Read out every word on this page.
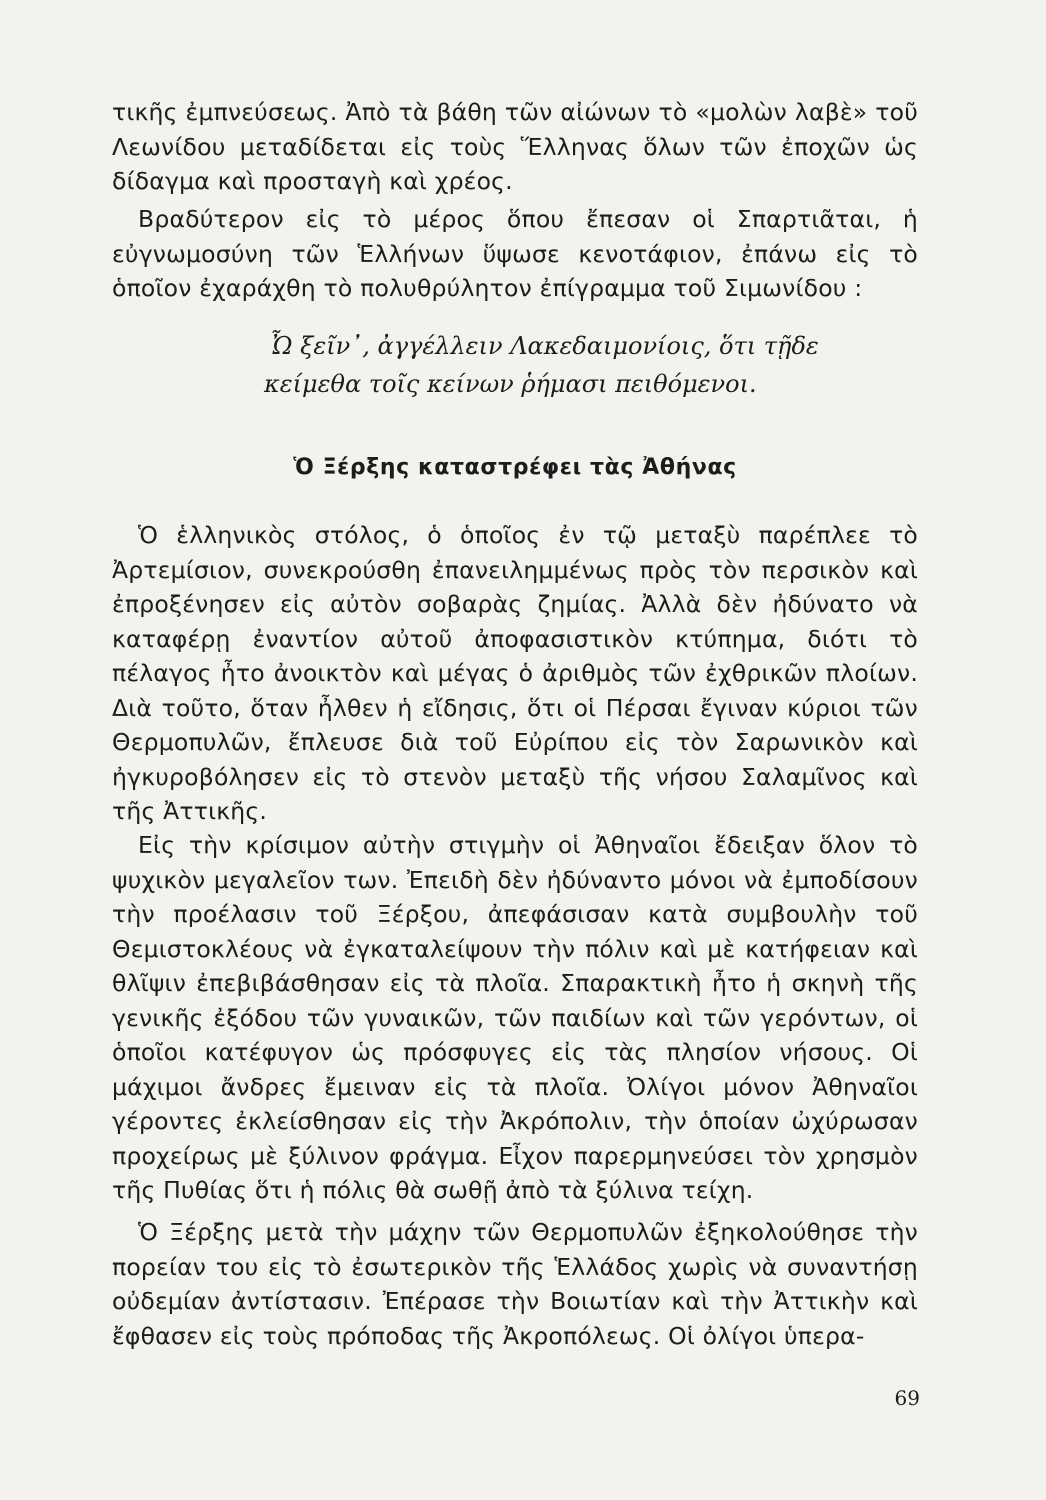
τικῆς ἐμπνεύσεως. Ἀπὸ τὰ βάθη τῶν αἰώνων τὸ «μολὼν λαβὲ» τοῦ Λεωνίδου μεταδίδεται εἰς τοὺς Ἕλληνας ὅλων τῶν ἐποχῶν ὡς δίδαγμα καὶ προσταγὴ καὶ χρέος.

Βραδύτερον εἰς τὸ μέρος ὅπου ἔπεσαν οἱ Σπαρτιᾶται, ἡ εὐγνωμοσύνη τῶν Ἑλλήνων ὕψωσε κενοτάφιον, ἐπάνω εἰς τὸ ὁποῖον ἐχαράχθη τὸ πολυθρύλητον ἐπίγραμμα τοῦ Σιμωνίδου :

Ὦ ξεῖν᾽, ἀγγέλλειν Λακεδαιμονίοις, ὅτι τῇδε
κείμεθα τοῖς κείνων ῥήμασι πειθόμενοι.
Ὁ Ξέρξης καταστρέφει τὰς Ἀθήνας

Ὁ ἑλληνικὸς στόλος, ὁ ὁποῖος ἐν τῷ μεταξὺ παρέπλεε τὸ Ἀρτεμίσιον, συνεκρούσθη ἐπανειλημμένως πρὸς τὸν περσικὸν καὶ ἐπροξένησεν εἰς αὐτὸν σοβαρὰς ζημίας. Ἀλλὰ δὲν ἠδύνατο νὰ καταφέρῃ ἐναντίον αὐτοῦ ἀποφασιστικὸν κτύπημα, διότι τὸ πέλαγος ἦτο ἀνοικτὸν καὶ μέγας ὁ ἀριθμὸς τῶν ἐχθρικῶν πλοίων. Διὰ τοῦτο, ὅταν ἦλθεν ἡ εἴδησις, ὅτι οἱ Πέρσαι ἔγιναν κύριοι τῶν Θερμοπυλῶν, ἔπλευσε διὰ τοῦ Εὐρίπου εἰς τὸν Σαρωνικὸν καὶ ἠγκυροβόλησεν εἰς τὸ στενὸν μεταξὺ τῆς νήσου Σαλαμῖνος καὶ τῆς Ἀττικῆς.

Εἰς τὴν κρίσιμον αὐτὴν στιγμὴν οἱ Ἀθηναῖοι ἔδειξαν ὅλον τὸ ψυχικὸν μεγαλεῖον των. Ἐπειδὴ δὲν ἠδύναντο μόνοι νὰ ἐμποδίσουν τὴν προέλασιν τοῦ Ξέρξου, ἀπεφάσισαν κατὰ συμβουλὴν τοῦ Θεμιστοκλέους νὰ ἐγκαταλείψουν τὴν πόλιν καὶ μὲ κατήφειαν καὶ θλῖψιν ἐπεβιβάσθησαν εἰς τὰ πλοῖα. Σπαρακτικὴ ἦτο ἡ σκηνὴ τῆς γενικῆς ἐξόδου τῶν γυναικῶν, τῶν παιδίων καὶ τῶν γερόντων, οἱ ὁποῖοι κατέφυγον ὡς πρόσφυγες εἰς τὰς πλησίον νήσους. Οἱ μάχιμοι ἄνδρες ἔμειναν εἰς τὰ πλοῖα. Ὀλίγοι μόνον Ἀθηναῖοι γέροντες ἐκλείσθησαν εἰς τὴν Ἀκρόπολιν, τὴν ὁποίαν ὠχύρωσαν προχείρως μὲ ξύλινον φράγμα. Εἶχον παρερμηνεύσει τὸν χρησμὸν τῆς Πυθίας ὅτι ἡ πόλις θὰ σωθῇ ἀπὸ τὰ ξύλινα τείχη.

Ὁ Ξέρξης μετὰ τὴν μάχην τῶν Θερμοπυλῶν ἐξηκολούθησε τὴν πορείαν του εἰς τὸ ἐσωτερικὸν τῆς Ἑλλάδος χωρὶς νὰ συναντήσῃ οὐδεμίαν ἀντίστασιν. Ἐπέρασε τὴν Βοιωτίαν καὶ τὴν Ἀττικὴν καὶ ἔφθασεν εἰς τοὺς πρόποδας τῆς Ἀκροπόλεως. Οἱ ὀλίγοι ὑπερα-

69
